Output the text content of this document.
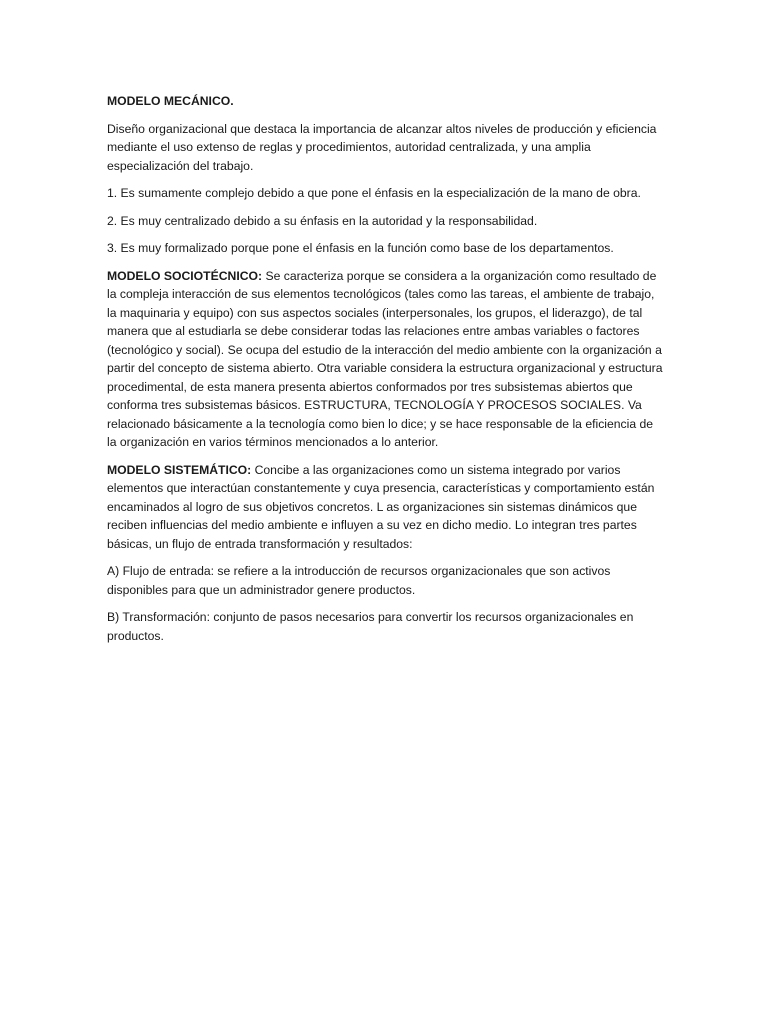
MODELO MECÁNICO.

Diseño organizacional que destaca la importancia de alcanzar altos niveles de producción y eficiencia mediante el uso extenso de reglas y procedimientos, autoridad centralizada, y una amplia especialización del trabajo.

1. Es sumamente complejo debido a que pone el énfasis en la especialización de la mano de obra.

2. Es muy centralizado debido a su énfasis en la autoridad y la responsabilidad.

3. Es muy formalizado porque pone el énfasis en la función como base de los departamentos.

MODELO SOCIOTÉCNICO: Se caracteriza porque se considera a la organización como resultado de la compleja interacción de sus elementos tecnológicos (tales como las tareas, el ambiente de trabajo, la maquinaria y equipo) con sus aspectos sociales (interpersonales, los grupos, el liderazgo), de tal manera que al estudiarla se debe considerar todas las relaciones entre ambas variables o factores (tecnológico y social). Se ocupa del estudio de la interacción del medio ambiente con la organización a partir del concepto de sistema abierto. Otra variable considera la estructura organizacional y estructura procedimental, de esta manera presenta abiertos conformados por tres subsistemas abiertos que conforma tres subsistemas básicos. ESTRUCTURA, TECNOLOGÍA Y PROCESOS SOCIALES. Va relacionado básicamente a la tecnología como bien lo dice; y se hace responsable de la eficiencia de la organización en varios términos mencionados a lo anterior.

MODELO SISTEMÁTICO: Concibe a las organizaciones como un sistema integrado por varios elementos que interactúan constantemente y cuya presencia, características y comportamiento están encaminados al logro de sus objetivos concretos. L as organizaciones sin sistemas dinámicos que reciben influencias del medio ambiente e influyen a su vez en dicho medio. Lo integran tres partes básicas, un flujo de entrada transformación y resultados:

A) Flujo de entrada: se refiere a la introducción de recursos organizacionales que son activos disponibles para que un administrador genere productos.

B) Transformación: conjunto de pasos necesarios para convertir los recursos organizacionales en productos.
